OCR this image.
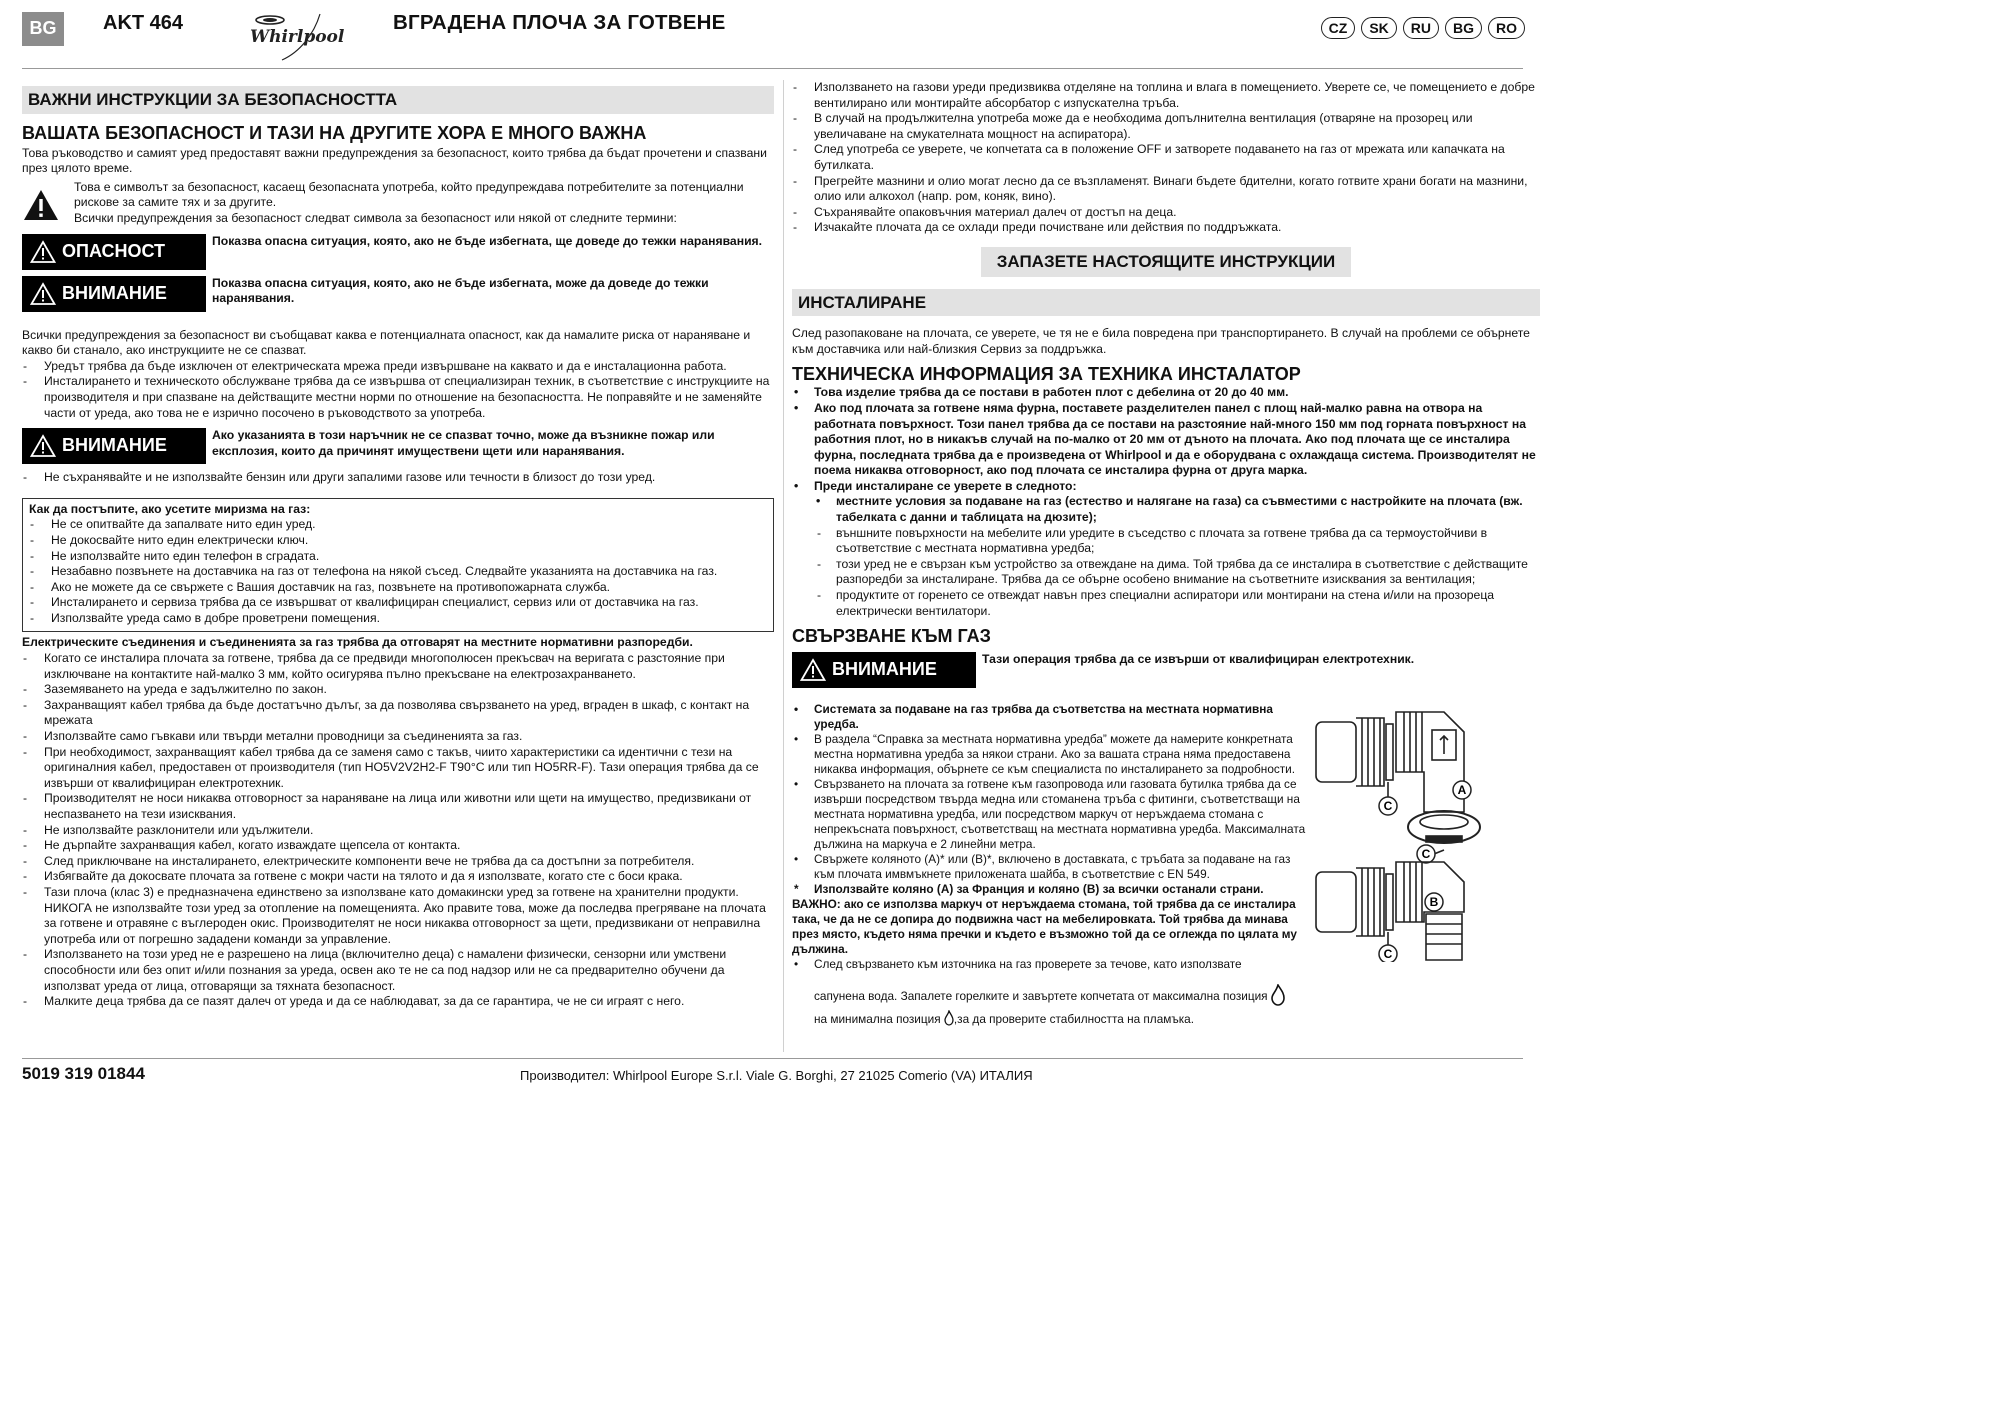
BG	AKT 464
Whirlpool
ВГРАДЕНА ПЛОЧА ЗА ГОТВЕНЕ	CZ	SK	RU	BG	RO
ВАЖНИ ИНСТРУКЦИИ ЗА БЕЗОПАСНОСТТА
ВАШАТА БЕЗОПАСНОСТ И ТАЗИ НА ДРУГИТЕ ХОРА Е МНОГО ВАЖНА

Това ръководство и самият уред предоставят важни предупреждения за безопасност, които трябва да бъдат прочетени и спазвани през цялото време.

Това е символът за безопасност, касаещ безопасната употреба, който предупреждава потребителите за потенциални рискове за самите тях и за другите.

Всички предупреждения за безопасност следват символа за безопасност или някой от следните термини:

ОПАСНОСТ
Показва опасна ситуация, която, ако не бъде избегната, ще доведе до тежки наранявания.
ВНИМАНИЕ
Показва опасна ситуация, която, ако не бъде избегната, може да доведе до тежки наранявания.

Всички предупреждения за безопасност ви съобщават каква е потенциалната опасност, как да намалите риска от нараняване и какво би станало, ако инструкциите не се спазват.

- Уредът трябва да бъде изключен от електрическата мрежа преди извършване на каквато и да е инсталационна работа.
- Инсталирането и техническото обслужване трябва да се извършва от специализиран техник, в съответствие с инструкциите на производителя и при спазване на действащите местни норми по отношение на безопасността. Не поправяйте и не заменяйте части от уреда, ако това не е изрично посочено в ръководството за употреба.
ВНИМАНИЕ
Ако указанията в този наръчник не се спазват точно, може да възникне пожар или експлозия, които да причинят имуществени щети или наранявания.
- Не съхранявайте и не използвайте бензин или други запалими газове или течности в близост до този уред.

Как да постъпите, ако усетите миризма на газ:

- Не се опитвайте да запалвате нито един уред.
- Не докосвайте нито един електрически ключ.
- Не използвайте нито един телефон в сградата.
- Незабавно позвънете на доставчика на газ от телефона на някой съсед. Следвайте указанията на доставчика на газ.
- Ако не можете да се свържете с Вашия доставчик на газ, позвънете на противопожарната служба.
- Инсталирането и сервиза трябва да се извършват от квалифициран специалист, сервиз или от доставчика на газ.
- Използвайте уреда само в добре проветрени помещения.

Електрическите съединения и съединенията за газ трябва да отговарят на местните нормативни разпоредби.

- Когато се инсталира плочата за готвене, трябва да се предвиди многополюсен прекъсвач на веригата с разстояние при изключване на контактите най-малко 3 мм, който осигурява пълно прекъсване на електрозахранването.
- Заземяването на уреда е задължително по закон.
- Захранващият кабел трябва да бъде достатъчно дълъг, за да позволява свързването на уред, вграден в шкаф, с контакт на мрежата
- Използвайте само гъвкави или твърди метални проводници за съединенията за газ.
- При необходимост, захранващият кабел трябва да се заменя само с такъв, чиито характеристики са идентични с тези на оригиналния кабел, предоставен от производителя (тип HO5V2V2H2-F T90°C или тип HO5RR-F). Тази операция трябва да се извърши от квалифициран електротехник.
- Производителят не носи никаква отговорност за нараняване на лица или животни или щети на имущество, предизвикани от неспазването на тези изисквания.
- Не използвайте разклонители или удължители.
- Не дърпайте захранващия кабел, когато изваждате щепсела от контакта.
- След приключване на инсталирането, електрическите компоненти вече не трябва да са достъпни за потребителя.
- Избягвайте да докосвате плочата за готвене с мокри части на тялото и да я използвате, когато сте с боси крака.
- Тази плоча (клас 3) е предназначена единствено за използване като домакински уред за готвене на хранителни продукти. НИКОГА не използвайте този уред за отопление на помещенията. Ако правите това, може да последва прегряване на плочата за готвене и отравяне с въглероден окис. Производителят не носи никаква отговорност за щети, предизвикани от неправилна употреба или от погрешно зададени команди за управление.
- Използването на този уред не е разрешено на лица (включително деца) с намалени физически, сензорни или умствени способности или без опит и/или познания за уреда, освен ако те не са под надзор или не са предварително обучени да използват уреда от лица, отговарящи за тяхната безопасност.
- Малките деца трябва да се пазят далеч от уреда и да се наблюдават, за да се гарантира, че не си играят с него.
- Използването на газови уреди предизвиква отделяне на топлина и влага в помещението. Уверете се, че помещението е добре вентилирано или монтирайте абсорбатор с изпускателна тръба.
- В случай на продължителна употреба може да е необходима допълнителна вентилация (отваряне на прозорец или увеличаване на смукателната мощност на аспиратора).
- След употреба се уверете, че копчетата са в положение OFF и затворете подаването на газ от мрежата или капачката на бутилката.
- Прегрейте мазнини и олио могат лесно да се възпламенят. Винаги бъдете бдителни, когато готвите храни богати на мазнини, олио или алкохол (напр. ром, коняк, вино).
- Съхранявайте опаковъчния материал далеч от достъп на деца.
- Изчакайте плочата да се охлади преди почистване или действия по поддръжката.
ЗАПАЗЕТЕ НАСТОЯЩИТЕ ИНСТРУКЦИИ
ИНСТАЛИРАНЕ

След разопаковане на плочата, се уверете, че тя не е била повредена при транспортирането. В случай на проблеми се обърнете към доставчика или най-близкия Сервиз за поддръжка.

ТЕХНИЧЕСКА ИНФОРМАЦИЯ ЗА ТЕХНИКА ИНСТАЛАТОР
• Това изделие трябва да се постави в работен плот с дебелина от 20 до 40 мм.
• Ако под плочата за готвене няма фурна, поставете разделителен панел с площ най-малко равна на отвора на работната повърхност. Този панел трябва да се постави на разстояние най-много 150 мм под горната повърхност на работния плот, но в никакъв случай на по-малко от 20 мм от дъното на плочата. Ако под плочата ще се инсталира фурна, последната трябва да е произведена от Whirlpool и да е оборудвана с охлаждаща система. Производителят не поема никаква отговорност, ако под плочата се инсталира фурна от друга марка.
• Преди инсталиране се уверете в следното:
• местните условия за подаване на газ (естество и налягане на газа) са съвместими с настройките на плочата (вж. табелката с данни и таблицата на дюзите);
- външните повърхности на мебелите или уредите в съседство с плочата за готвене трябва да са термоустойчиви в съответствие с местната нормативна уредба;
- този уред не е свързан към устройство за отвеждане на дима. Той трябва да се инсталира в съответствие с действащите разпоредби за инсталиране. Трябва да се обърне особено внимание на съответните изисквания за вентилация;
- продуктите от горенето се отвеждат навън през специални аспиратори или монтирани на стена и/или на прозореца електрически вентилатори.
СВЪРЗВАНЕ КЪМ ГАЗ
ВНИМАНИЕ
Тази операция трябва да се извърши от квалифициран електротехник.
• Системата за подаване на газ трябва да съответства на местната нормативна уредба.
• В раздела “Справка за местната нормативна уредба” можете да намерите конкретната местна нормативна уредба за някои страни. Ако за вашата страна няма предоставена никаква информация, обърнете се към специалиста по инсталирането за подробности.
• Свързването на плочата за готвене към газопровода или газовата бутилка трябва да се извърши посредством твърда медна или стоманена тръба с фитинги, съответстващи на местната нормативна уредба, или посредством маркуч от неръждаема стомана с непрекъсната повърхност, съответстващ на местната нормативна уредба. Максималната дължина на маркуча е 2 линейни метра.
• Свържете коляното (A)* или (B)*, включено в доставката, с тръбата за подаване на газ към плочата имвмъкнете приложената шайба, в съответствие с EN 549.
* Използвайте коляно (A) за Франция и коляно (B) за всички останали страни.

ВАЖНО: ако се използва маркуч от неръждаема стомана, той трябва да се инсталира така, че да не се допира до подвижна част на мебелировката. Той трябва да минава през място, където няма пречки и където е възможно той да се оглежда по цялата му дължина.

• След свързването към източника на газ проверете за течове, като използвате

сапунена вода. Запалете горелките и завъртете копчетата от максимална позиция

на минимална позиция ,за да проверите стабилността на пламъка.

C
A
C
B
C
5019 319 01844	Производител: Whirlpool Europe S.r.l. Viale G. Borghi, 27 21025 Comerio (VA) ИТАЛИЯ
